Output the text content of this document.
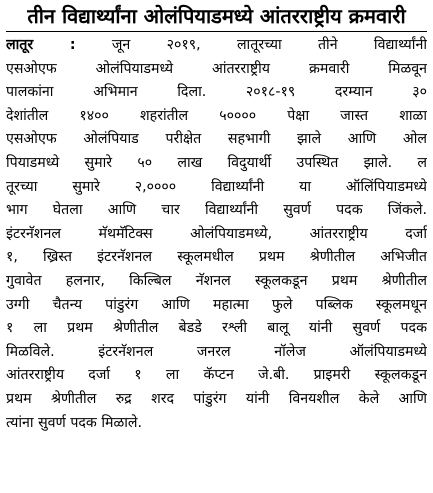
तीन विद्यार्थ्यांना ओलंपियाडमध्ये आंतरराष्ट्रीय क्रमवारी
लातूर :	जून २०१९, लातूरच्या तीने विद्यार्थ्यांनी
एसओएफ ओलंपियाडमध्ये आंतरराष्ट्रीय क्रमवारी मिळवून
पालकांना अभिमान दिला. २०१८-१९ दरम्यान ३०
देशांतील १४०० शहरांतील ५०००० पेक्षा जास्त शाळा
एसओएफ ओलंपियाड परीक्षेत सहभागी झाले आणि ओल
पियाडमध्ये सुमारे ५० लाख विदुयार्थी उपस्थित झाले. ल
तूरच्या सुमारे २,०००० विद्यार्थ्यांनी या ऑलिंपियाडमध्ये
भाग घेतला आणि चार विद्यार्थ्यांनी सुवर्ण पदक जिंकले.
इंटरनॅशनल मॅथमॅटिक्स ओलंपियाडमध्ये, आंतरराष्ट्रीय दर्जा
१, ख्रिस्त इंटरनॅशनल स्कूलमधील प्रथम श्रेणीतील अभिजीत
गुवावेत हलनार, किल्बिल नॅशनल स्कूलकडून प्रथम श्रेणीतील
उग्गी चैतन्य पांडुरंग आणि महात्मा फुले पब्लिक स्कूलमधून
१ ला प्रथम श्रेणीतील बेडडे रश्ली बालू यांनी सुवर्ण पदक
मिळविले. इंटरनॅशनल जनरल नॉलेज ऑलंपियाडमध्ये
आंतरराष्ट्रीय दर्जा १ ला कॅप्टन जे.बी. प्राइमरी स्कूलकडून
प्रथम श्रेणीतील रुद्र शरद पांडुरंग यांनी विनयशील केले आणि
त्यांना सुवर्ण पदक मिळाले.
